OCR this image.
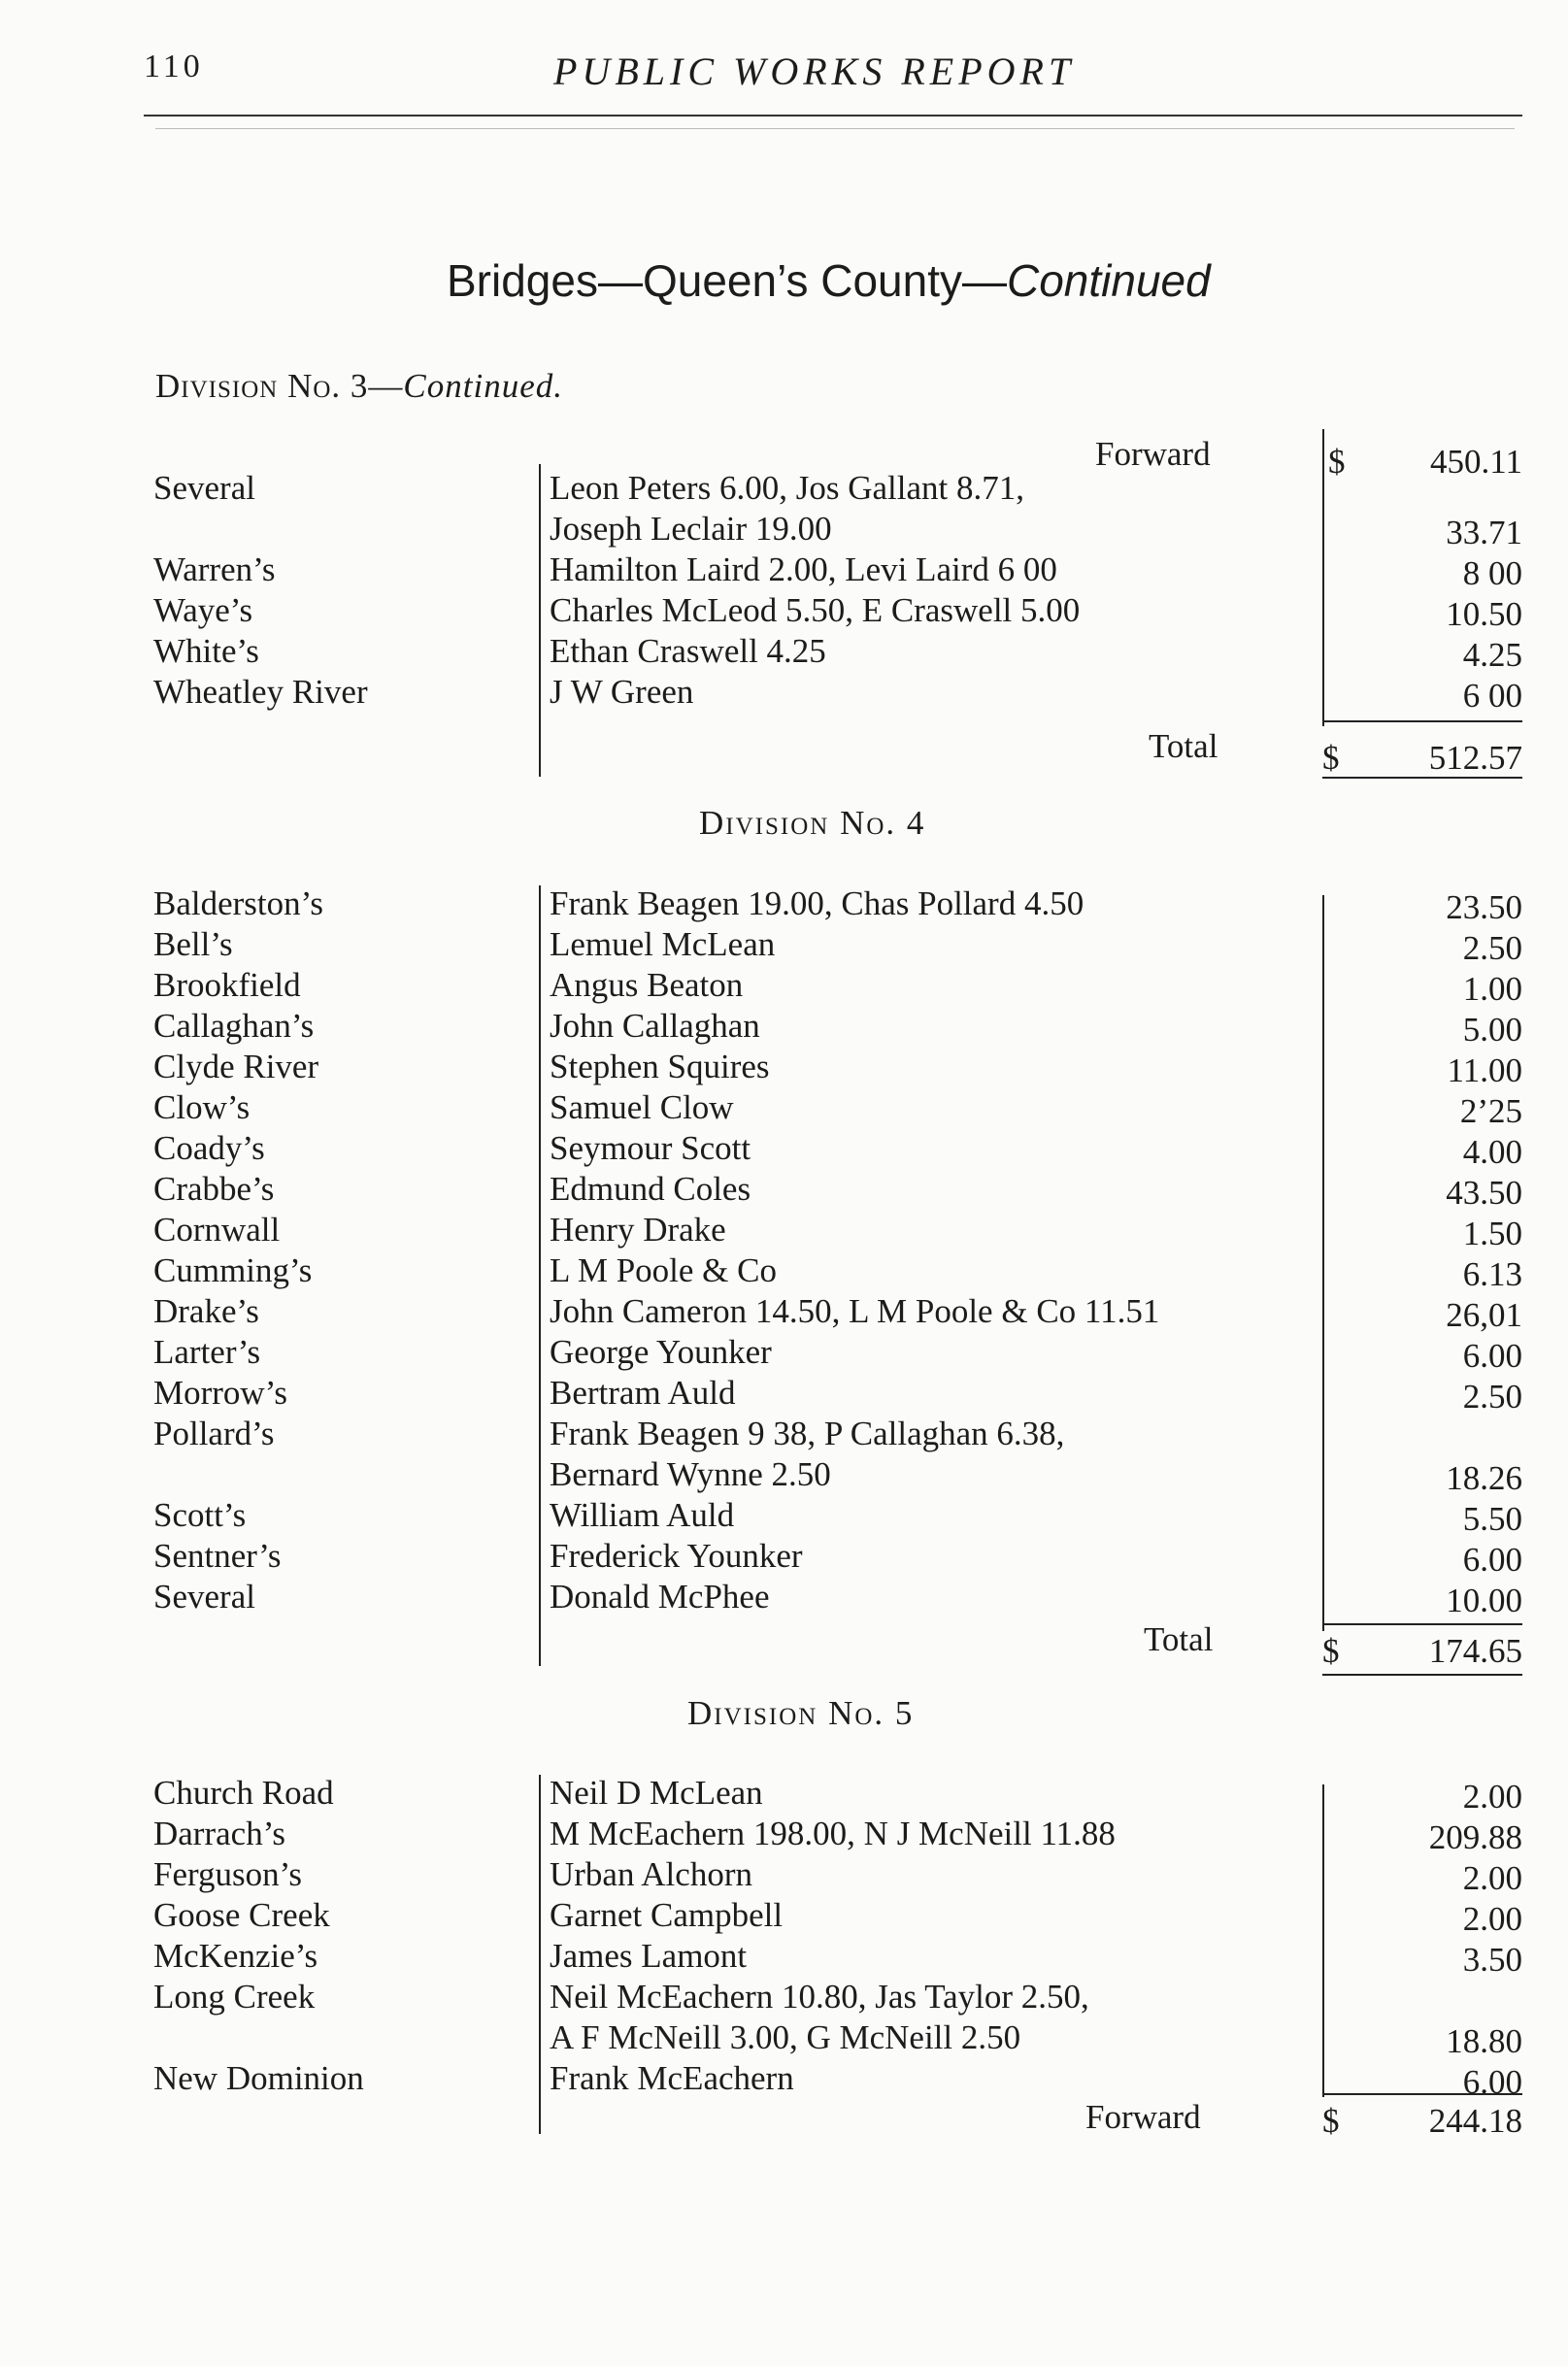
110	PUBLIC WORKS REPORT
Bridges—Queen’s County—Continued
Division No. 3—Continued.
Forward	$	450.11
Several	Leon Peters 6.00, Jos Gallant 8.71,
Joseph Leclair 19.00	33.71
Warren’s	Hamilton Laird 2.00, Levi Laird 6 00	8 00
Waye’s	Charles McLeod 5.50, E Craswell 5.00	10.50
White’s	Ethan Craswell 4.25	4.25
Wheatley River	J W Green	6 00
Total	$	512.57
Division No. 4
Balderston’s	Frank Beagen 19.00, Chas Pollard 4.50	23.50
Bell’s	Lemuel McLean	2.50
Brookfield	Angus Beaton	1.00
Callaghan’s	John Callaghan	5.00
Clyde River	Stephen Squires	11.00
Clow’s	Samuel Clow	2’25
Coady’s	Seymour Scott	4.00
Crabbe’s	Edmund Coles	43.50
Cornwall	Henry Drake	1.50
Cumming’s	L M Poole & Co	6.13
Drake’s	John Cameron 14.50, L M Poole & Co 11.51	26,01
Larter’s	George Younker	6.00
Morrow’s	Bertram Auld	2.50
Pollard’s	Frank Beagen 9 38, P Callaghan 6.38,
Bernard Wynne 2.50	18.26
Scott’s	William Auld	5.50
Sentner’s	Frederick Younker	6.00
Several	Donald McPhee	10.00
Total	$	174.65
Division No. 5
Church Road	Neil D McLean	2.00
Darrach’s	M McEachern 198.00, N J McNeill 11.88	209.88
Ferguson’s	Urban Alchorn	2.00
Goose Creek	Garnet Campbell	2.00
McKenzie’s	James Lamont	3.50
Long Creek	Neil McEachern 10.80, Jas Taylor 2.50,
A F McNeill 3.00, G McNeill 2.50	18.80
New Dominion	Frank McEachern	6.00
Forward	$	244.18
